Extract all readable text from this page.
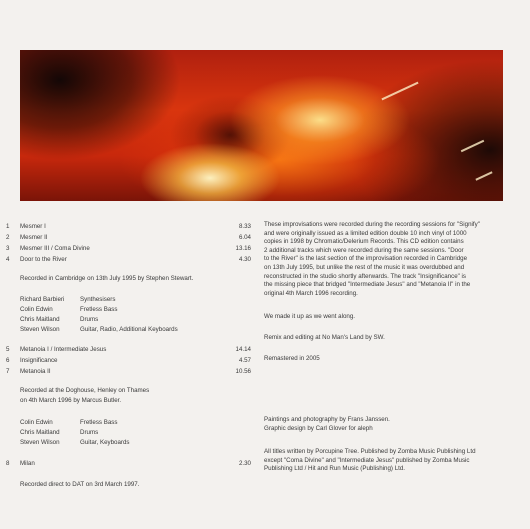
1 Mesmer I	8.33
2 Mesmer II	6.04
3 Mesmer III / Coma Divine	13.16
4 Door to the River	4.30
Recorded in Cambridge on 13th July 1995 by Stephen Stewart.
Richard Barbieri	Synthesisers
Colin Edwin	Fretless Bass
Chris Maitland	Drums
Steven Wilson	Guitar, Radio, Additional Keyboards
5 Metanoia I / Intermediate Jesus	14.14
6 Insignificance	4.57
7 Metanoia II	10.56
Recorded at the Doghouse, Henley on Thames
on 4th March 1996 by Marcus Butler.
Colin Edwin	Fretless Bass
Chris Maitland	Drums
Steven Wilson	Guitar, Keyboards
8 Milan	2.30
Recorded direct to DAT on 3rd March 1997.
These improvisations were recorded during the recording sessions for "Signify"
and were originally issued as a limited edition double 10 inch vinyl of 1000
copies in 1998 by Chromatic/Delerium Records. This CD edition contains
2 additional tracks which were recorded during the same sessions. "Door
to the River" is the last section of the improvisation recorded in Cambridge
on 13th July 1995, but unlike the rest of the music it was overdubbed and
reconstructed in the studio shortly afterwards. The track "Insignificance" is
the missing piece that bridged "Intermediate Jesus" and "Metanoia II" in the
original 4th March 1996 recording.
We made it up as we went along.
Remix and editing at No Man's Land by SW.
Remastered in 2005
Paintings and photography by Frans Janssen.
Graphic design by Carl Glover for aleph
All titles written by Porcupine Tree. Published by Zomba Music Publishing Ltd
except "Coma Divine" and "Intermediate Jesus" published by Zomba Music
Publishing Ltd / Hit and Run Music (Publishing) Ltd.
